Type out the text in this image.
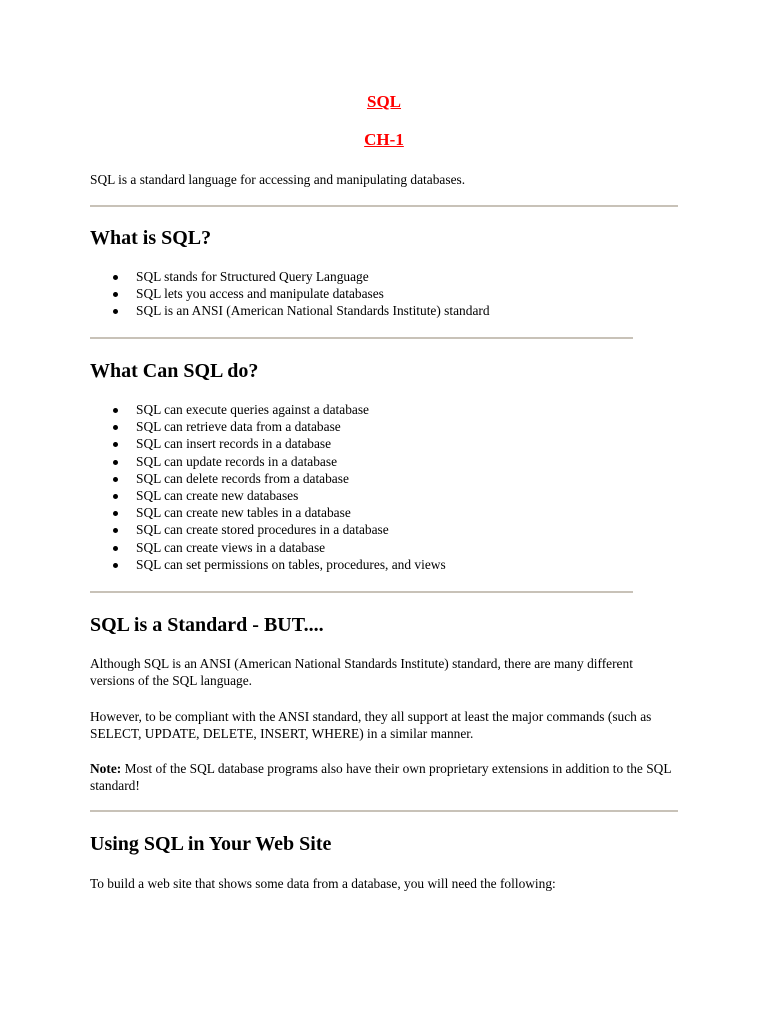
SQL
CH-1

SQL is a standard language for accessing and manipulating databases.

What is SQL?
SQL stands for Structured Query Language
SQL lets you access and manipulate databases
SQL is an ANSI (American National Standards Institute) standard
What Can SQL do?
SQL can execute queries against a database
SQL can retrieve data from a database
SQL can insert records in a database
SQL can update records in a database
SQL can delete records from a database
SQL can create new databases
SQL can create new tables in a database
SQL can create stored procedures in a database
SQL can create views in a database
SQL can set permissions on tables, procedures, and views
SQL is a Standard - BUT....

Although SQL is an ANSI (American National Standards Institute) standard, there are many different versions of the SQL language.

However, to be compliant with the ANSI standard, they all support at least the major commands (such as SELECT, UPDATE, DELETE, INSERT, WHERE) in a similar manner.

Note: Most of the SQL database programs also have their own proprietary extensions in addition to the SQL standard!

Using SQL in Your Web Site

To build a web site that shows some data from a database, you will need the following:
